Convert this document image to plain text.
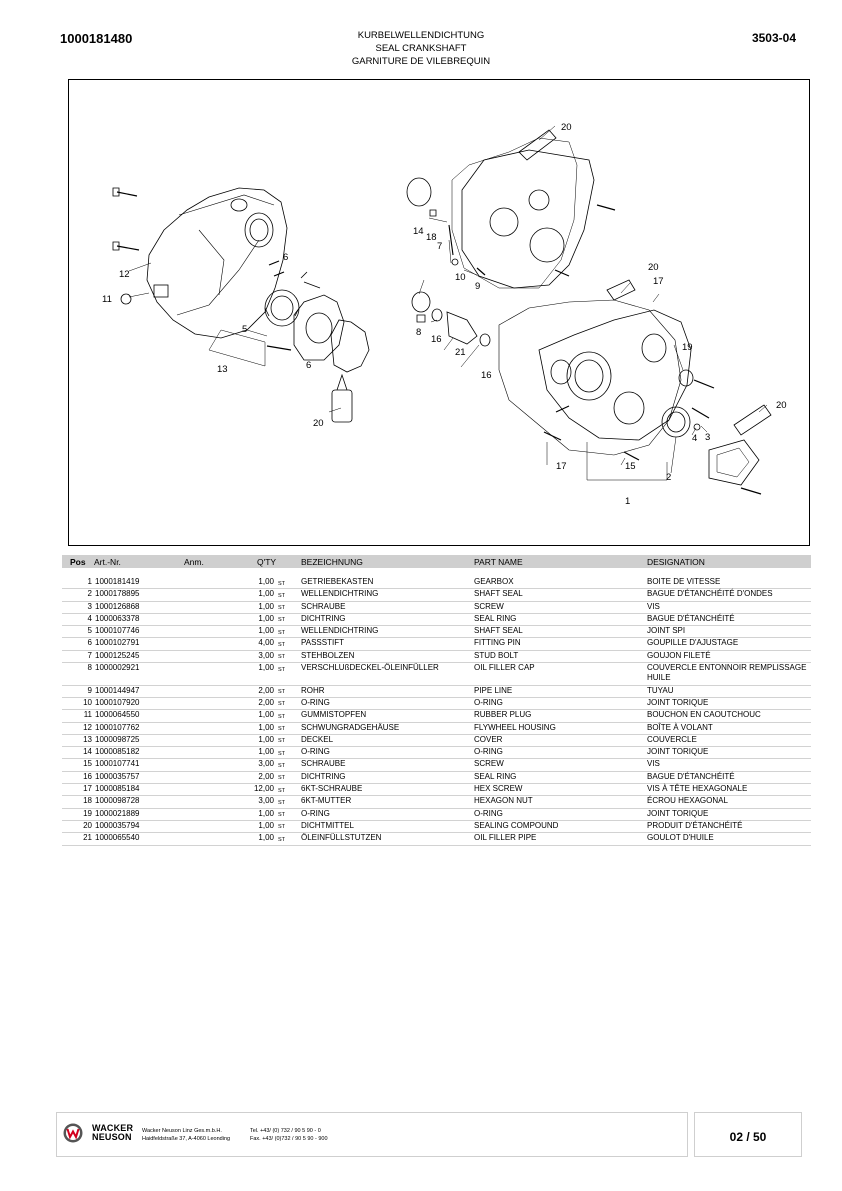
1000181480	KURBELWELLENDICHTUNG
SEAL CRANKSHAFT
GARNITURE DE VILEBREQUIN
3503-04
20
14
18
7
10
9
12
11
6
5
13	6
20
20
17
8
16
21
16
19
4 3
20
17	15
2
1
Pos Art.-Nr.	Anm.	Q'TY	BEZEICHNUNG	PART NAME	DESIGNATION
1 1000181419	1,00 ST GETRIEBEKASTEN	GEARBOX	BOITE DE VITESSE
2 1000178895	1,00 ST WELLENDICHTRING	SHAFT SEAL	BAGUE D'ÉTANCHÉITÉ D'ONDES
3 1000126868	1,00 ST SCHRAUBE	SCREW	VIS
4 1000063378	1,00 ST DICHTRING	SEAL RING	BAGUE D'ÉTANCHÉITÉ
5 1000107746	1,00 ST WELLENDICHTRING	SHAFT SEAL	JOINT SPI
6 1000102791	4,00 ST PASSSTIFT	FITTING PIN	GOUPILLE D'AJUSTAGE
7 1000125245	3,00 ST STEHBOLZEN	STUD BOLT	GOUJON FILETÉ
8 1000002921	1,00 ST VERSCHLUßDECKEL-ÖLEINFÜLLER	OIL FILLER CAP	COUVERCLE ENTONNOIR REMPLISSAGE HUILE
9 1000144947	2,00 ST ROHR	PIPE LINE	TUYAU
10 1000107920	2,00 ST O-RING	O-RING	JOINT TORIQUE
11 1000064550	1,00 ST GUMMISTOPFEN	RUBBER PLUG	BOUCHON EN CAOUTCHOUC
12 1000107762	1,00 ST SCHWUNGRADGEHÄUSE	FLYWHEEL HOUSING	BOÎTE À VOLANT
13 1000098725	1,00 ST DECKEL	COVER	COUVERCLE
14 1000085182	1,00 ST O-RING	O-RING	JOINT TORIQUE
15 1000107741	3,00 ST SCHRAUBE	SCREW	VIS
16 1000035757	2,00 ST DICHTRING	SEAL RING	BAGUE D'ÉTANCHÉITÉ
17 1000085184	12,00 ST 6KT-SCHRAUBE	HEX SCREW	VIS À TÊTE HEXAGONALE
18 1000098728	3,00 ST 6KT-MUTTER	HEXAGON NUT	ÉCROU HEXAGONAL
19 1000021889	1,00 ST O-RING	O-RING	JOINT TORIQUE
20 1000035794	1,00 ST DICHTMITTEL	SEALING COMPOUND	PRODUIT D'ÉTANCHÉITÉ
21 1000065540	1,00 ST ÖLEINFÜLLSTUTZEN	OIL FILLER PIPE	GOULOT D'HUILE
WACKER
NEUSON
Wacker Neuson Linz Ges.m.b.H.
Haidfeldstraße 37, A-4060 Leonding
Tel. +43/ (0) 732 / 90 5 90 - 0
Fax. +43/ (0)732 / 90 5 90 - 900	02 / 50
